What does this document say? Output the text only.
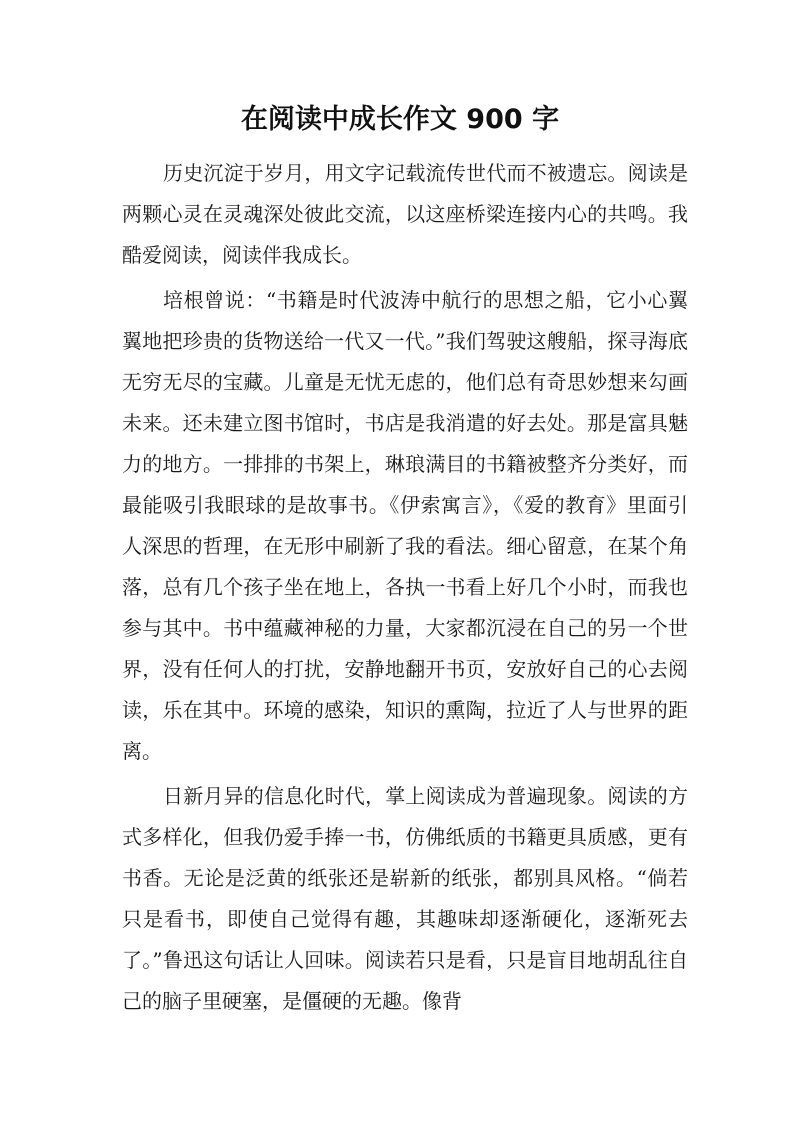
在阅读中成长作文 900 字

历史沉淀于岁月，用文字记载流传世代而不被遗忘。阅读是两颗心灵在灵魂深处彼此交流，以这座桥梁连接内心的共鸣。我酷爱阅读，阅读伴我成长。

培根曾说：“书籍是时代波涛中航行的思想之船，它小心翼翼地把珍贵的货物送给一代又一代。”我们驾驶这艘船，探寻海底无穷无尽的宝藏。儿童是无忧无虑的，他们总有奇思妙想来勾画未来。还未建立图书馆时，书店是我消遣的好去处。那是富具魅力的地方。一排排的书架上，琳琅满目的书籍被整齐分类好，而最能吸引我眼球的是故事书。《伊索寓言》，《爱的教育》里面引人深思的哲理，在无形中刷新了我的看法。细心留意，在某个角落，总有几个孩子坐在地上，各执一书看上好几个小时，而我也参与其中。书中蕴藏神秘的力量，大家都沉浸在自己的另一个世界，没有任何人的打扰，安静地翻开书页，安放好自己的心去阅读，乐在其中。环境的感染，知识的熏陶，拉近了人与世界的距离。

日新月异的信息化时代，掌上阅读成为普遍现象。阅读的方式多样化，但我仍爱手捧一书，仿佛纸质的书籍更具质感，更有书香。无论是泛黄的纸张还是崭新的纸张，都别具风格。“倘若只是看书，即使自己觉得有趣，其趣味却逐渐硬化，逐渐死去了。”鲁迅这句话让人回味。阅读若只是看，只是盲目地胡乱往自己的脑子里硬塞，是僵硬的无趣。像背
